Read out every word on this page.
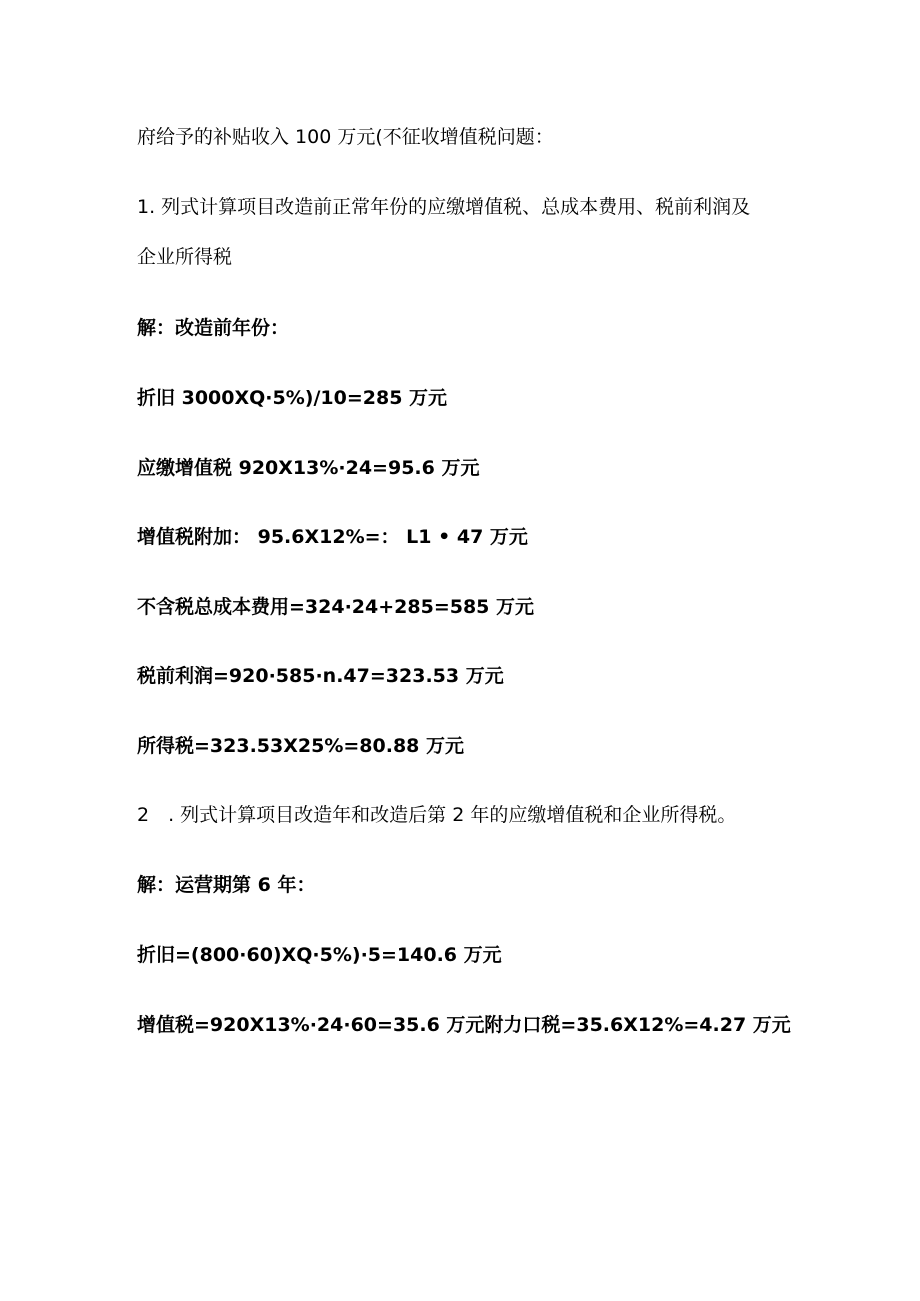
府给予的补贴收入 100 万元(不征收增值税问题：

1. 列式计算项目改造前正常年份的应缴增值税、总成本费用、税前利润及

企业所得税

解：改造前年份：

折旧 3000XQ·5%)/10=285 万元

应缴增值税 920X13%·24=95.6 万元

增值税附加： 95.6X12%=： L1 • 47 万元

不含税总成本费用=324·24+285=585 万元

税前利润=920·585·n.47=323.53 万元

所得税=323.53X25%=80.88 万元

2　. 列式计算项目改造年和改造后第 2 年的应缴增值税和企业所得税。

解：运营期第 6 年：

折旧=(800·60)XQ·5%)·5=140.6 万元

增值税=920X13%·24·60=35.6 万元附力口税=35.6X12%=4.27 万元
